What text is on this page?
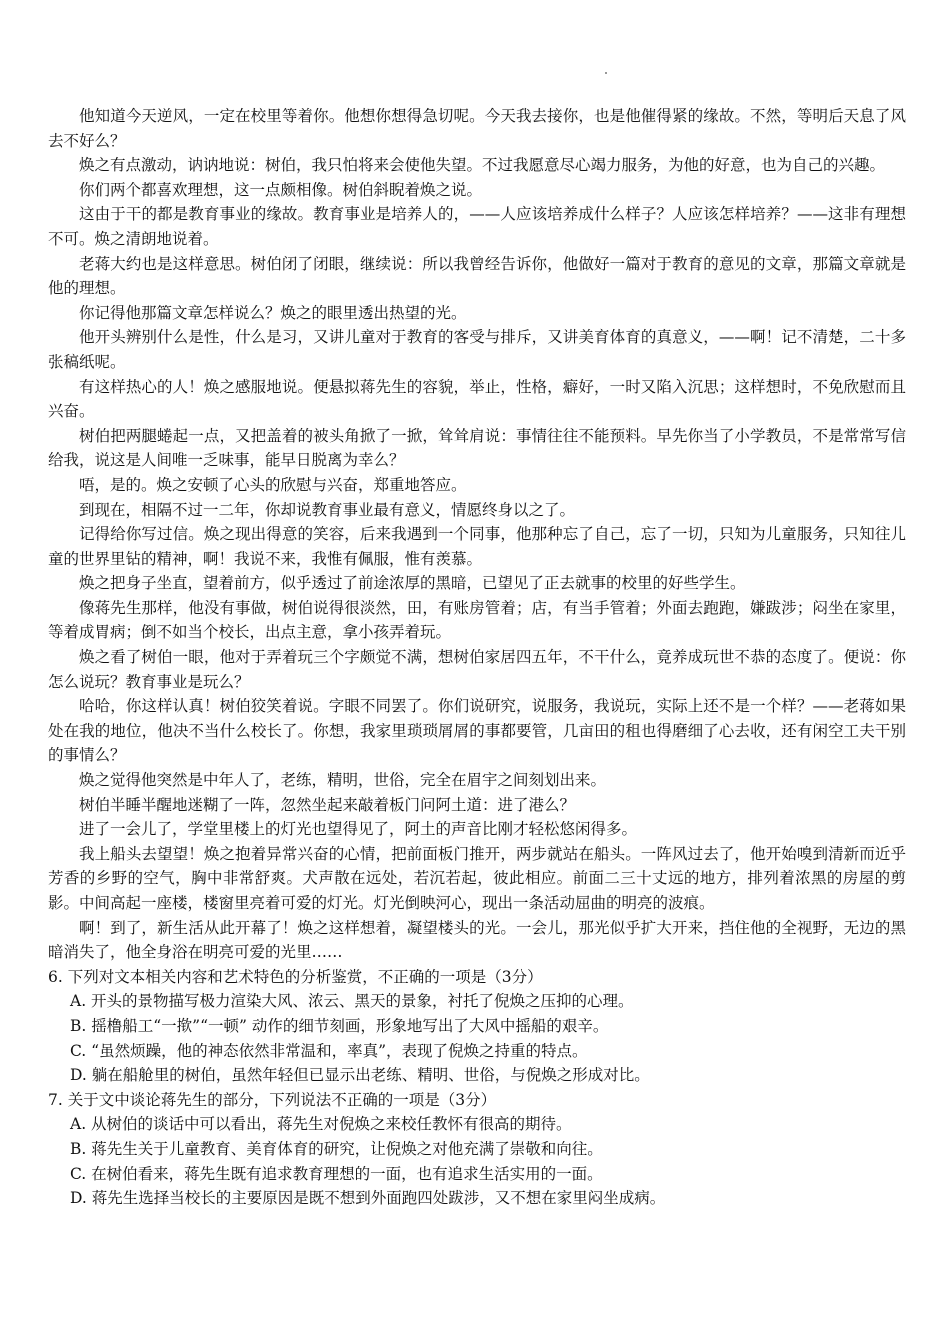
他知道今天逆风，一定在校里等着你。他想你想得急切呢。今天我去接你，也是他催得紧的缘故。不然，等明后天息了风去不好么？

焕之有点激动，讷讷地说：树伯，我只怕将来会使他失望。不过我愿意尽心竭力服务，为他的好意，也为自己的兴趣。

你们两个都喜欢理想，这一点颇相像。树伯斜睨着焕之说。

这由于干的都是教育事业的缘故。教育事业是培养人的，——人应该培养成什么样子？人应该怎样培养？——这非有理想不可。焕之清朗地说着。

老蒋大约也是这样意思。树伯闭了闭眼，继续说：所以我曾经告诉你，他做好一篇对于教育的意见的文章，那篇文章就是他的理想。

你记得他那篇文章怎样说么？焕之的眼里透出热望的光。

他开头辨别什么是性，什么是习，又讲儿童对于教育的客受与排斥，又讲美育体育的真意义，——啊！记不清楚，二十多张稿纸呢。

有这样热心的人！焕之感服地说。便悬拟蒋先生的容貌，举止，性格，癖好，一时又陷入沉思；这样想时，不免欣慰而且兴奋。

树伯把两腿蜷起一点，又把盖着的被头角掀了一掀，耸耸肩说：事情往往不能预料。早先你当了小学教员，不是常常写信给我，说这是人间唯一乏味事，能早日脱离为幸么？

唔，是的。焕之安顿了心头的欣慰与兴奋，郑重地答应。

到现在，相隔不过一二年，你却说教育事业最有意义，情愿终身以之了。

记得给你写过信。焕之现出得意的笑容，后来我遇到一个同事，他那种忘了自己，忘了一切，只知为儿童服务，只知往儿童的世界里钻的精神，啊！我说不来，我惟有佩服，惟有羡慕。

焕之把身子坐直，望着前方，似乎透过了前途浓厚的黑暗，已望见了正去就事的校里的好些学生。

像蒋先生那样，他没有事做，树伯说得很淡然，田，有账房管着；店，有当手管着；外面去跑跑，嫌跋涉；闷坐在家里，等着成胃病；倒不如当个校长，出点主意，拿小孩弄着玩。

焕之看了树伯一眼，他对于弄着玩三个字颇觉不满，想树伯家居四五年，不干什么，竟养成玩世不恭的态度了。便说：你怎么说玩？教育事业是玩么？

哈哈，你这样认真！树伯狡笑着说。字眼不同罢了。你们说研究，说服务，我说玩，实际上还不是一个样？——老蒋如果处在我的地位，他决不当什么校长了。你想，我家里琐琐屑屑的事都要管，几亩田的租也得磨细了心去收，还有闲空工夫干别的事情么？

焕之觉得他突然是中年人了，老练，精明，世俗，完全在眉宇之间刻划出来。

树伯半睡半醒地迷糊了一阵，忽然坐起来敲着板门问阿土道：进了港么？

进了一会儿了，学堂里楼上的灯光也望得见了，阿土的声音比刚才轻松悠闲得多。

我上船头去望望！焕之抱着异常兴奋的心情，把前面板门推开，两步就站在船头。一阵风过去了，他开始嗅到清新而近乎芳香的乡野的空气，胸中非常舒爽。犬声散在远处，若沉若起，彼此相应。前面二三十丈远的地方，排列着浓黑的房屋的剪影。中间高起一座楼，楼窗里亮着可爱的灯光。灯光倒映河心，现出一条活动屈曲的明亮的波痕。

啊！到了，新生活从此开幕了！焕之这样想着，凝望楼头的光。一会儿，那光似乎扩大开来，挡住他的全视野，无边的黑暗消失了，他全身浴在明亮可爱的光里……

6. 下列对文本相关内容和艺术特色的分析鉴赏，不正确的一项是（3分）

A. 开头的景物描写极力渲染大风、浓云、黑天的景象，衬托了倪焕之压抑的心理。

B. 摇橹船工“一揿”“一顿” 动作的细节刻画，形象地写出了大风中摇船的艰辛。

C. “虽然烦躁，他的神态依然非常温和，率真”，表现了倪焕之持重的特点。

D. 躺在船舱里的树伯，虽然年轻但已显示出老练、精明、世俗，与倪焕之形成对比。

7. 关于文中谈论蒋先生的部分，下列说法不正确的一项是（3分）

A. 从树伯的谈话中可以看出，蒋先生对倪焕之来校任教怀有很高的期待。

B. 蒋先生关于儿童教育、美育体育的研究，让倪焕之对他充满了崇敬和向往。

C. 在树伯看来，蒋先生既有追求教育理想的一面，也有追求生活实用的一面。

D. 蒋先生选择当校长的主要原因是既不想到外面跑四处跋涉，又不想在家里闷坐成病。
